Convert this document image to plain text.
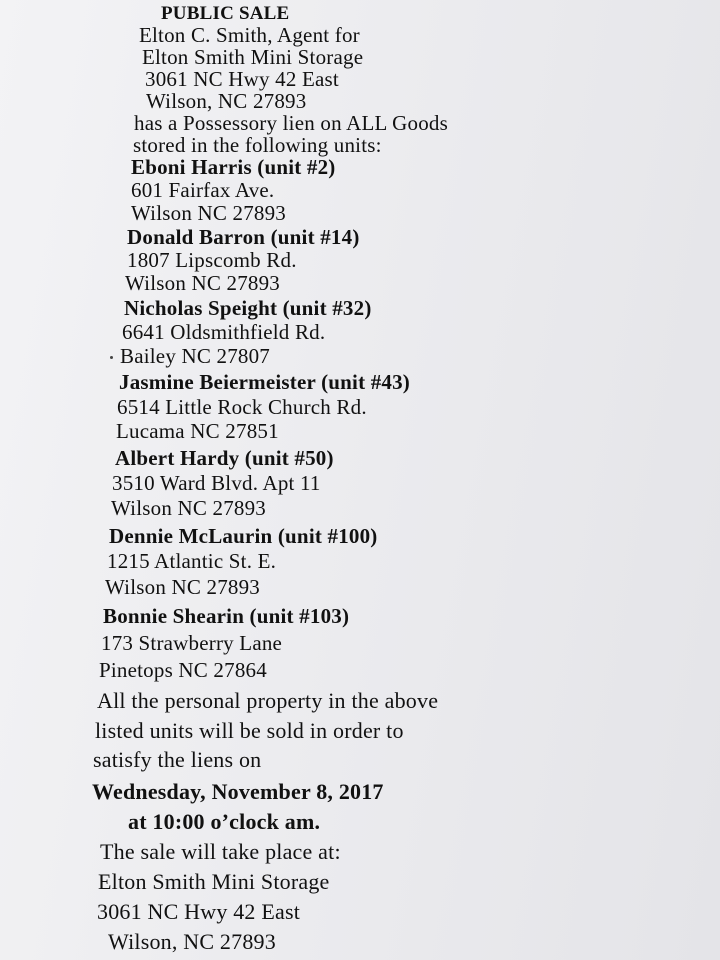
PUBLIC SALE
Elton C. Smith, Agent for
Elton Smith Mini Storage
3061 NC Hwy 42 East
Wilson, NC 27893
has a Possessory lien on ALL Goods
stored in the following units:
Eboni Harris (unit #2)
601 Fairfax Ave.
Wilson NC 27893
Donald Barron (unit #14)
1807 Lipscomb Rd.
Wilson NC 27893
Nicholas Speight (unit #32)
6641 Oldsmithfield Rd.
Bailey NC 27807
Jasmine Beiermeister (unit #43)
6514 Little Rock Church Rd.
Lucama NC 27851
Albert Hardy (unit #50)
3510 Ward Blvd. Apt 11
Wilson NC 27893
Dennie McLaurin (unit #100)
1215 Atlantic St. E.
Wilson NC 27893
Bonnie Shearin (unit #103)
173 Strawberry Lane
Pinetops NC 27864
All the personal property in the above
listed units will be sold in order to
satisfy the liens on
Wednesday, November 8, 2017
at 10:00 o’clock am.
The sale will take place at:
Elton Smith Mini Storage
3061 NC Hwy 42 East
Wilson, NC 27893
